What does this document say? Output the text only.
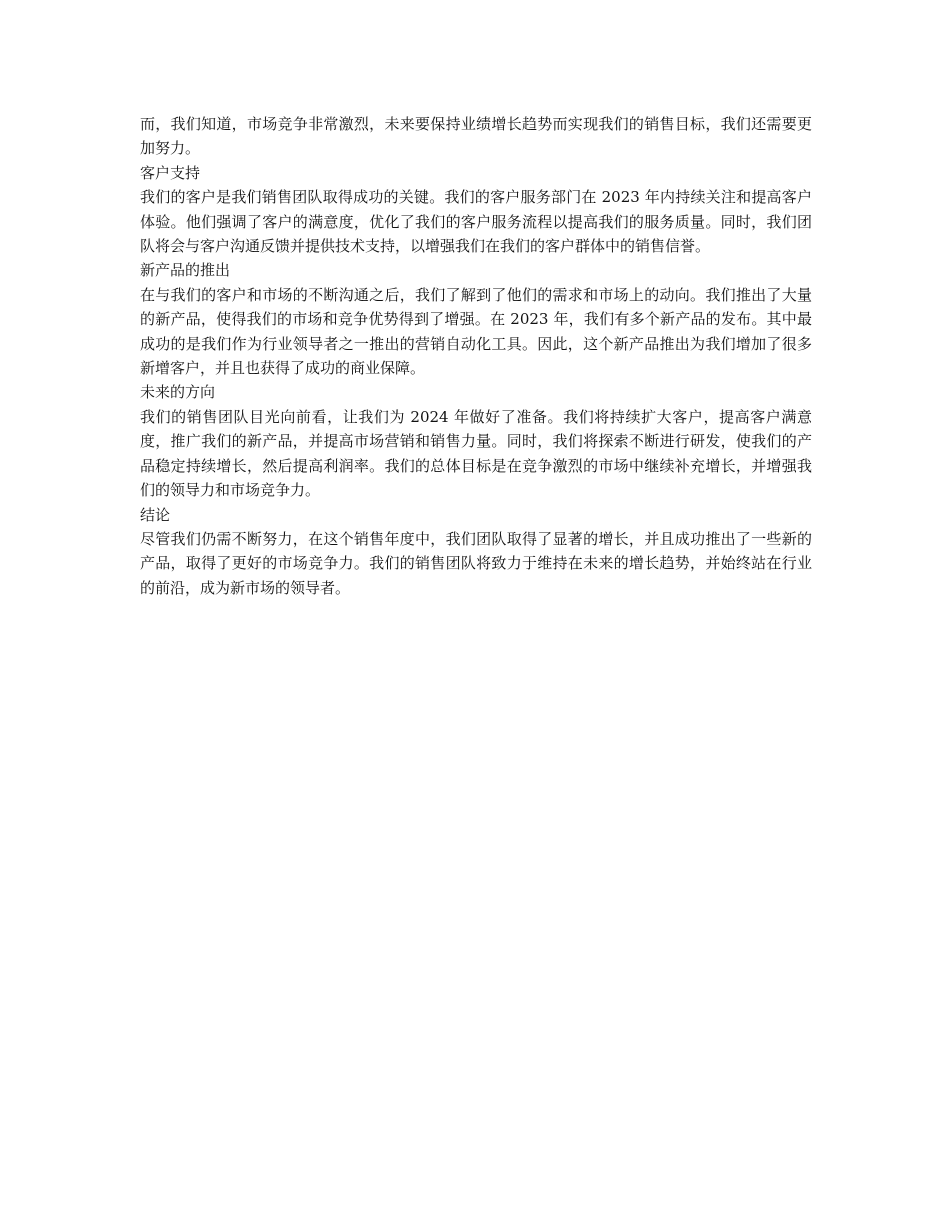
而，我们知道，市场竞争非常激烈，未来要保持业绩增长趋势而实现我们的销售目标，我们还需要更加努力。

客户支持

我们的客户是我们销售团队取得成功的关键。我们的客户服务部门在 2023 年内持续关注和提高客户体验。他们强调了客户的满意度，优化了我们的客户服务流程以提高我们的服务质量。同时，我们团队将会与客户沟通反馈并提供技术支持，以增强我们在我们的客户群体中的销售信誉。

新产品的推出

在与我们的客户和市场的不断沟通之后，我们了解到了他们的需求和市场上的动向。我们推出了大量的新产品，使得我们的市场和竞争优势得到了增强。在 2023 年，我们有多个新产品的发布。其中最成功的是我们作为行业领导者之一推出的营销自动化工具。因此，这个新产品推出为我们增加了很多新增客户，并且也获得了成功的商业保障。

未来的方向

我们的销售团队目光向前看，让我们为 2024 年做好了准备。我们将持续扩大客户，提高客户满意度，推广我们的新产品，并提高市场营销和销售力量。同时，我们将探索不断进行研发，使我们的产品稳定持续增长，然后提高利润率。我们的总体目标是在竞争激烈的市场中继续补充增长，并增强我们的领导力和市场竞争力。

结论

尽管我们仍需不断努力，在这个销售年度中，我们团队取得了显著的增长，并且成功推出了一些新的产品，取得了更好的市场竞争力。我们的销售团队将致力于维持在未来的增长趋势，并始终站在行业的前沿，成为新市场的领导者。
